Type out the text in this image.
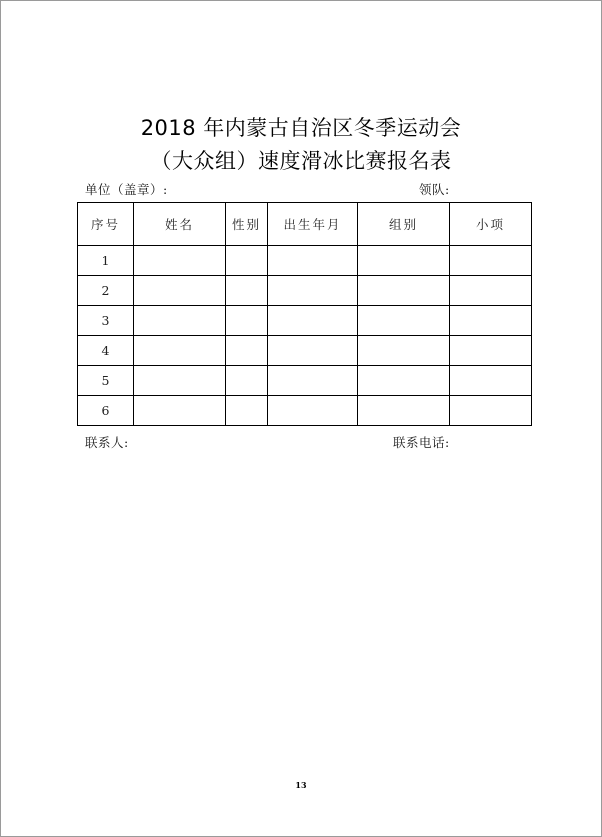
2018 年内蒙古自治区冬季运动会
（大众组）速度滑冰比赛报名表
单位（盖章）:	领队:
序号	姓名	性别	出生年月	组别	小项
1					
2					
3					
4					
5					
6					
联系人:	联系电话:
13
